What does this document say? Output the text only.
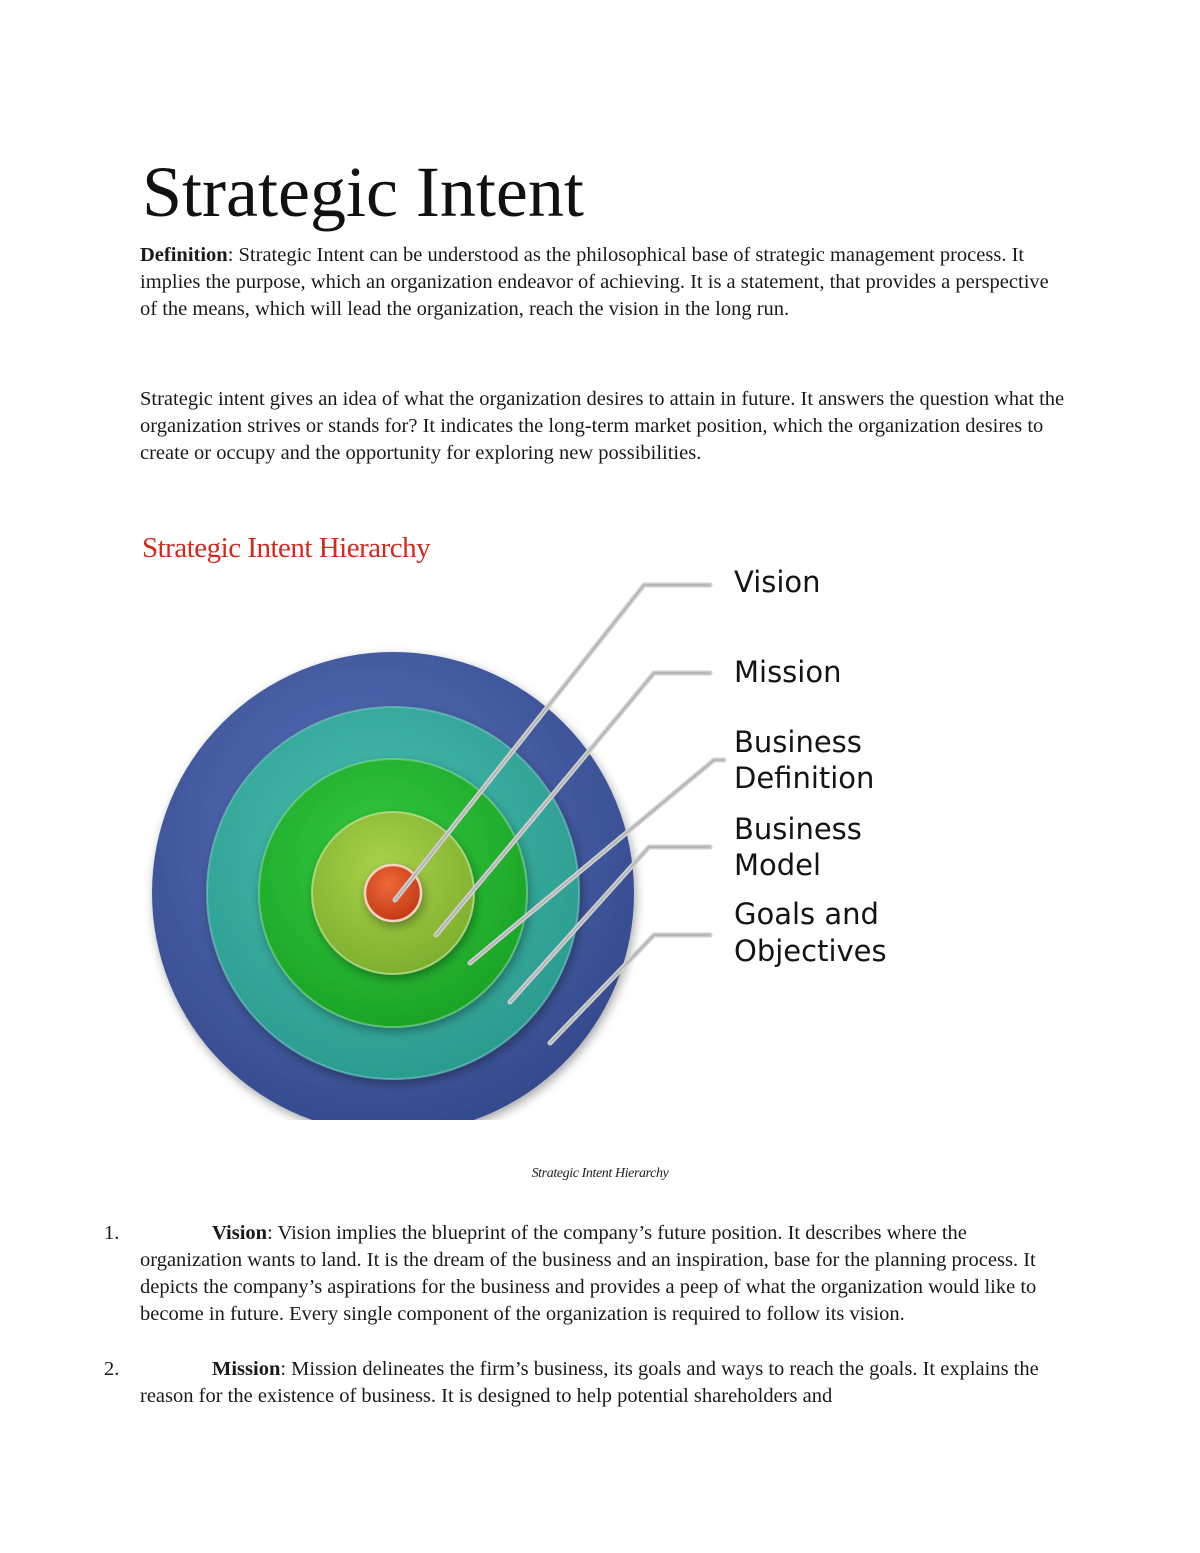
Strategic Intent

Definition: Strategic Intent can be understood as the philosophical base of strategic management process. It implies the purpose, which an organization endeavor of achieving. It is a statement, that provides a perspective of the means, which will lead the organization, reach the vision in the long run.

Strategic intent gives an idea of what the organization desires to attain in future. It answers the question what the organization strives or stands for? It indicates the long-term market position, which the organization desires to create or occupy and the opportunity for exploring new possibilities.

Strategic Intent Hierarchy
Vision
Mission
Business
Definition
Business
Model
Goals and
Objectives
Strategic Intent Hierarchy

1.	Vision: Vision implies the blueprint of the company’s future position. It describes where the organization wants to land. It is the dream of the business and an inspiration, base for the planning process. It depicts the company’s aspirations for the business and provides a peep of what the organization would like to become in future. Every single component of the organization is required to follow its vision.

2.	Mission: Mission delineates the firm’s business, its goals and ways to reach the goals. It explains the reason for the existence of business. It is designed to help potential shareholders and
